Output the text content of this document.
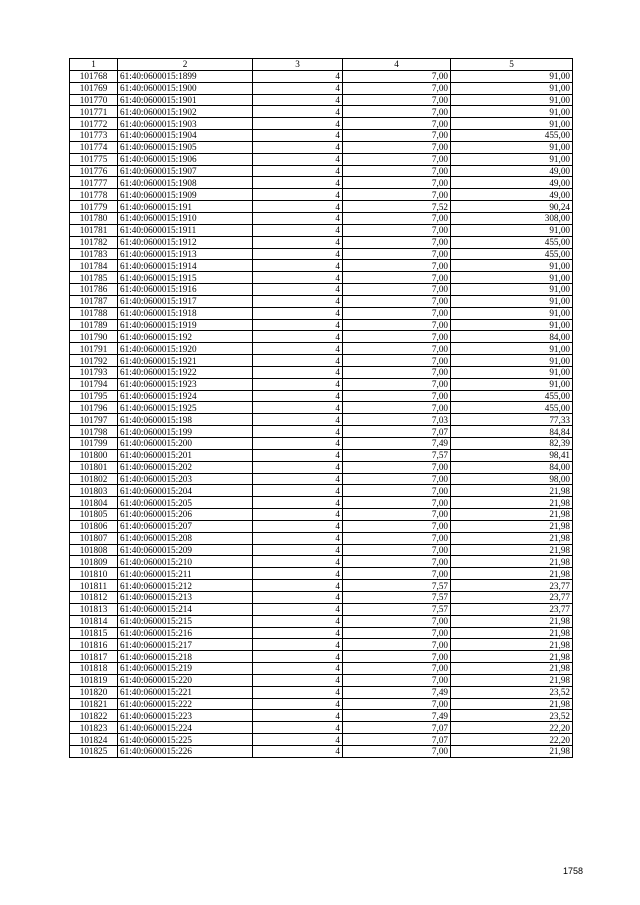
1	2	3	4	5
101768	61:40:0600015:1899	4	7,00	91,00
101769	61:40:0600015:1900	4	7,00	91,00
101770	61:40:0600015:1901	4	7,00	91,00
101771	61:40:0600015:1902	4	7,00	91,00
101772	61:40:0600015:1903	4	7,00	91,00
101773	61:40:0600015:1904	4	7,00	455,00
101774	61:40:0600015:1905	4	7,00	91,00
101775	61:40:0600015:1906	4	7,00	91,00
101776	61:40:0600015:1907	4	7,00	49,00
101777	61:40:0600015:1908	4	7,00	49,00
101778	61:40:0600015:1909	4	7,00	49,00
101779	61:40:0600015:191	4	7,52	90,24
101780	61:40:0600015:1910	4	7,00	308,00
101781	61:40:0600015:1911	4	7,00	91,00
101782	61:40:0600015:1912	4	7,00	455,00
101783	61:40:0600015:1913	4	7,00	455,00
101784	61:40:0600015:1914	4	7,00	91,00
101785	61:40:0600015:1915	4	7,00	91,00
101786	61:40:0600015:1916	4	7,00	91,00
101787	61:40:0600015:1917	4	7,00	91,00
101788	61:40:0600015:1918	4	7,00	91,00
101789	61:40:0600015:1919	4	7,00	91,00
101790	61:40:0600015:192	4	7,00	84,00
101791	61:40:0600015:1920	4	7,00	91,00
101792	61:40:0600015:1921	4	7,00	91,00
101793	61:40:0600015:1922	4	7,00	91,00
101794	61:40:0600015:1923	4	7,00	91,00
101795	61:40:0600015:1924	4	7,00	455,00
101796	61:40:0600015:1925	4	7,00	455,00
101797	61:40:0600015:198	4	7,03	77,33
101798	61:40:0600015:199	4	7,07	84,84
101799	61:40:0600015:200	4	7,49	82,39
101800	61:40:0600015:201	4	7,57	98,41
101801	61:40:0600015:202	4	7,00	84,00
101802	61:40:0600015:203	4	7,00	98,00
101803	61:40:0600015:204	4	7,00	21,98
101804	61:40:0600015:205	4	7,00	21,98
101805	61:40:0600015:206	4	7,00	21,98
101806	61:40:0600015:207	4	7,00	21,98
101807	61:40:0600015:208	4	7,00	21,98
101808	61:40:0600015:209	4	7,00	21,98
101809	61:40:0600015:210	4	7,00	21,98
101810	61:40:0600015:211	4	7,00	21,98
101811	61:40:0600015:212	4	7,57	23,77
101812	61:40:0600015:213	4	7,57	23,77
101813	61:40:0600015:214	4	7,57	23,77
101814	61:40:0600015:215	4	7,00	21,98
101815	61:40:0600015:216	4	7,00	21,98
101816	61:40:0600015:217	4	7,00	21,98
101817	61:40:0600015:218	4	7,00	21,98
101818	61:40:0600015:219	4	7,00	21,98
101819	61:40:0600015:220	4	7,00	21,98
101820	61:40:0600015:221	4	7,49	23,52
101821	61:40:0600015:222	4	7,00	21,98
101822	61:40:0600015:223	4	7,49	23,52
101823	61:40:0600015:224	4	7,07	22,20
101824	61:40:0600015:225	4	7,07	22,20
101825	61:40:0600015:226	4	7,00	21,98
1758
